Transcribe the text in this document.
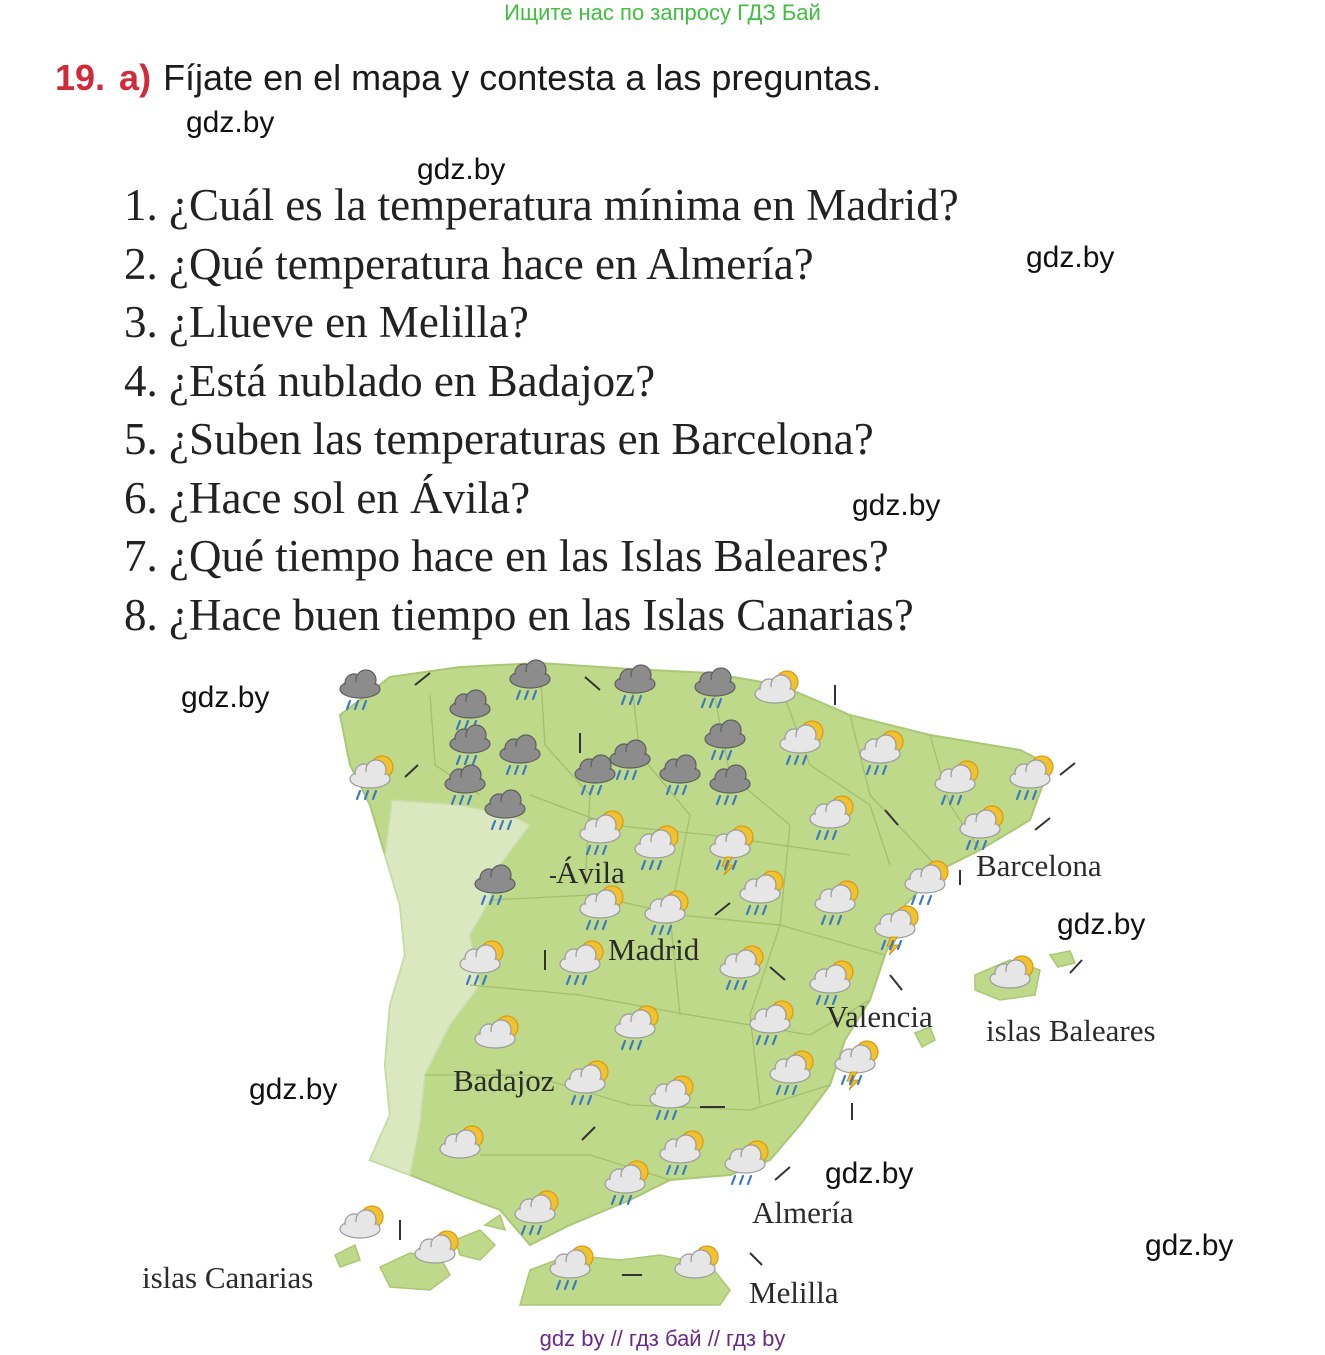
Ищите нас по запросу ГДЗ Бай
19. a) Fíjate en el mapa y contesta a las preguntas.
1. ¿Cuál es la temperatura mínima en Madrid?
2. ¿Qué temperatura hace en Almería?
3. ¿Llueve en Melilla?
4. ¿Está nublado en Badajoz?
5. ¿Suben las temperaturas en Barcelona?
6. ¿Hace sol en Ávila?
7. ¿Qué tiempo hace en las Islas Baleares?
8. ¿Hace buen tiempo en las Islas Canarias?
Ávila
Madrid
Barcelona
Valencia islas Baleares
Badajoz
Almería
Melilla
islas Canarias
gdz.by
gdz.by
gdz.by
gdz.by
gdz.by
gdz.by
gdz.by
gdz.by
gdz.by
gdz by // гдз бай // гдз by
